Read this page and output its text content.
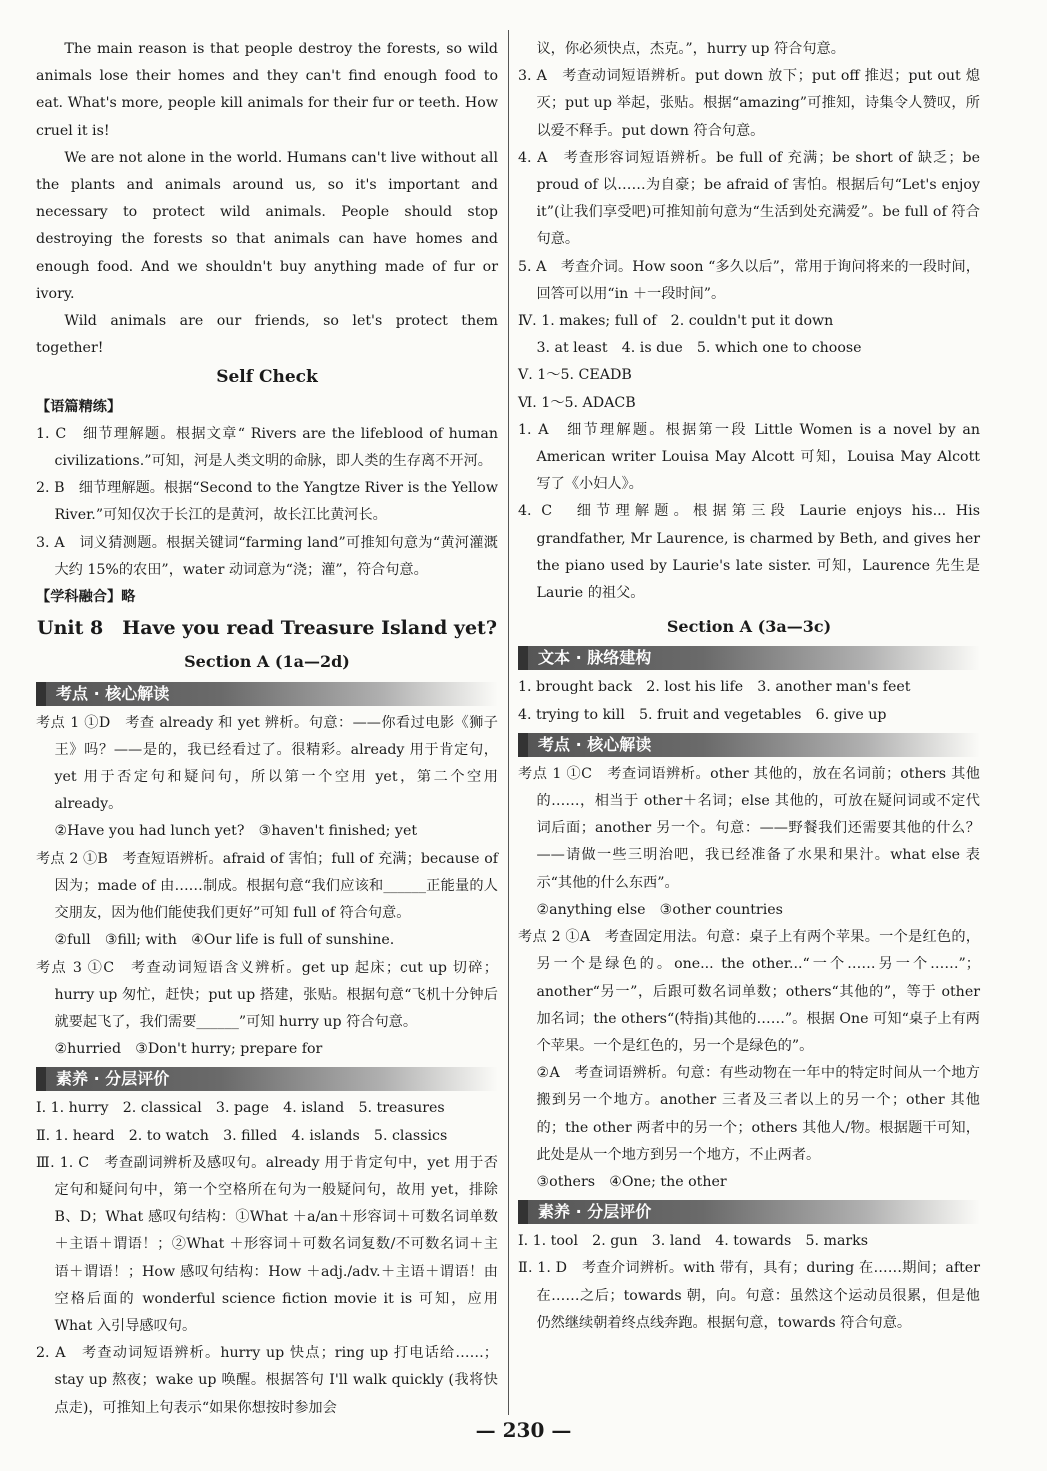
The main reason is that people destroy the forests, so wild animals lose their homes and they can't find enough food to eat. What's more, people kill animals for their fur or teeth. How cruel it is!

We are not alone in the world. Humans can't live without all the plants and animals around us, so it's important and necessary to protect wild animals. People should stop destroying the forests so that animals can have homes and enough food. And we shouldn't buy anything made of fur or ivory.

Wild animals are our friends, so let's protect them together!

Self Check

【语篇精练】

1. C　细节理解题。根据文章“ Rivers are the lifeblood of human civilizations.”可知，河是人类文明的命脉，即人类的生存离不开河。

2. B　细节理解题。根据“Second to the Yangtze River is the Yellow River.”可知仅次于长江的是黄河，故长江比黄河长。

3. A　词义猜测题。根据关键词“farming land”可推知句意为“黄河灌溉大约 15%的农田”，water 动词意为“浇；灌”，符合句意。

【学科融合】略

Unit 8　Have you read Treasure Island yet?
Section A (1a—2d)
考点 · 核心解读

考点 1 ①D　考查 already 和 yet 辨析。句意：——你看过电影《狮子王》吗？——是的，我已经看过了。很精彩。already 用于肯定句，yet 用于否定句和疑问句，所以第一个空用 yet，第二个空用 already。

②Have you had lunch yet?　③haven't finished; yet

考点 2 ①B　考查短语辨析。afraid of 害怕；full of 充满；because of 因为；made of 由……制成。根据句意“我们应该和______正能量的人交朋友，因为他们能使我们更好”可知 full of 符合句意。

②full　③fill; with　④Our life is full of sunshine.

考点 3 ①C　考查动词短语含义辨析。get up 起床；cut up 切碎；hurry up 匆忙，赶快；put up 搭建，张贴。根据句意“飞机十分钟后就要起飞了，我们需要______”可知 hurry up 符合句意。

②hurried　③Don't hurry; prepare for

素养 · 分层评价

Ⅰ. 1. hurry　2. classical　3. page　4. island　5. treasures

Ⅱ. 1. heard　2. to watch　3. filled　4. islands　5. classics

Ⅲ. 1. C　考查副词辨析及感叹句。already 用于肯定句中，yet 用于否定句和疑问句中，第一个空格所在句为一般疑问句，故用 yet，排除 B、D；What 感叹句结构：①What ＋a/an＋形容词＋可数名词单数＋主语＋谓语！；②What ＋形容词＋可数名词复数/不可数名词＋主语＋谓语！；How 感叹句结构：How ＋adj./adv.＋主语＋谓语！由空格后面的 wonderful science fiction movie it is 可知，应用 What 入引导感叹句。

2. A　考查动词短语辨析。hurry up 快点；ring up 打电话给……；stay up 熬夜；wake up 唤醒。根据答句 I'll walk quickly (我将快点走)，可推知上句表示“如果你想按时参加会

议，你必须快点，杰克。”，hurry up 符合句意。

3. A　考查动词短语辨析。put down 放下；put off 推迟；put out 熄灭；put up 举起，张贴。根据“amazing”可推知，诗集令人赞叹，所以爱不释手。put down 符合句意。

4. A　考查形容词短语辨析。be full of 充满；be short of 缺乏；be proud of 以……为自豪；be afraid of 害怕。根据后句“Let's enjoy it”(让我们享受吧)可推知前句意为“生活到处充满爱”。be full of 符合句意。

5. A　考查介词。How soon “多久以后”，常用于询问将来的一段时间，回答可以用“in ＋一段时间”。

Ⅳ. 1. makes; full of　2. couldn't put it down

3. at least　4. is due　5. which one to choose

Ⅴ. 1～5. CEADB

Ⅵ. 1～5. ADACB

1. A　细节理解题。根据第一段 Little Women is a novel by an American writer Louisa May Alcott 可知，Louisa May Alcott 写了《小妇人》。

4. C　细节理解题。根据第三段 Laurie enjoys his... His grandfather, Mr Laurence, is charmed by Beth, and gives her the piano used by Laurie's late sister. 可知，Laurence 先生是 Laurie 的祖父。

Section A (3a—3c)
文本 · 脉络建构

1. brought back　2. lost his life　3. another man's feet

4. trying to kill　5. fruit and vegetables　6. give up

考点 · 核心解读

考点 1 ①C　考查词语辨析。other 其他的，放在名词前；others 其他的……，相当于 other＋名词；else 其他的，可放在疑问词或不定代词后面；another 另一个。句意：——野餐我们还需要其他的什么？——请做一些三明治吧，我已经准备了水果和果汁。what else 表示“其他的什么东西”。

②anything else　③other countries

考点 2 ①A　考查固定用法。句意：桌子上有两个苹果。一个是红色的，另一个是绿色的。one... the other...“一个……另一个……”；another“另一”，后跟可数名词单数；others“其他的”，等于 other 加名词；the others“(特指)其他的……”。根据 One 可知“桌子上有两个苹果。一个是红色的，另一个是绿色的”。

②A　考查词语辨析。句意：有些动物在一年中的特定时间从一个地方搬到另一个地方。another 三者及三者以上的另一个；other 其他的；the other 两者中的另一个；others 其他人/物。根据题干可知，此处是从一个地方到另一个地方，不止两者。

③others　④One; the other

素养 · 分层评价

Ⅰ. 1. tool　2. gun　3. land　4. towards　5. marks

Ⅱ. 1. D　考查介词辨析。with 带有，具有；during 在……期间；after 在……之后；towards 朝，向。句意：虽然这个运动员很累，但是他仍然继续朝着终点线奔跑。根据句意，towards 符合句意。

— 230 —
